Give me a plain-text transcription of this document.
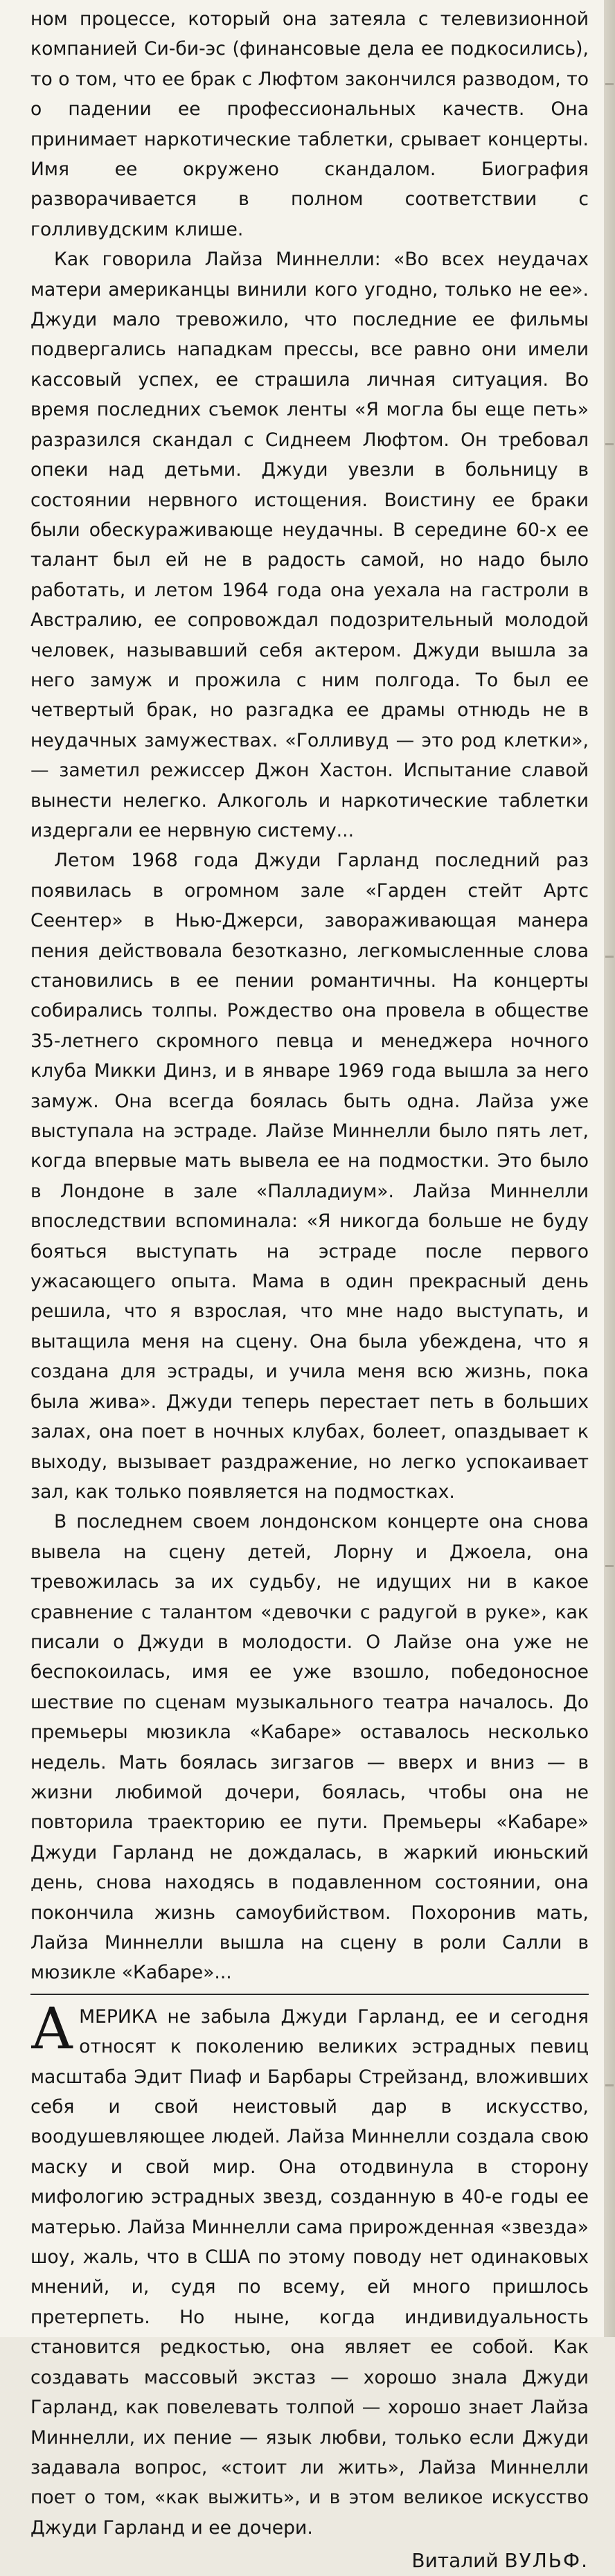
ном процессе, который она затеяла с телевизионной компанией Си-би-эс (финансовые дела ее подкосились), то о том, что ее брак с Люфтом закончился разводом, то о падении ее профессиональных качеств. Она принимает наркотические таблетки, срывает концерты. Имя ее окружено скандалом. Биография разворачивается в полном соответствии с голливудским клише.

Как говорила Лайза Миннелли: «Во всех неудачах матери американцы винили кого угодно, только не ее». Джуди мало тревожило, что последние ее фильмы подвергались нападкам прессы, все равно они имели кассовый успех, ее страшила личная ситуация. Во время последних съемок ленты «Я могла бы еще петь» разразился скандал с Сиднеем Люфтом. Он требовал опеки над детьми. Джуди увезли в больницу в состоянии нервного истощения. Воистину ее браки были обескураживающе неудачны. В середине 60-х ее талант был ей не в радость самой, но надо было работать, и летом 1964 года она уехала на гастроли в Австралию, ее сопровождал подозрительный молодой человек, называвший себя актером. Джуди вышла за него замуж и прожила с ним полгода. То был ее четвертый брак, но разгадка ее драмы отнюдь не в неудачных замужествах. «Голливуд — это род клетки», — заметил режиссер Джон Хастон. Испытание славой вынести нелегко. Алкоголь и наркотические таблетки издергали ее нервную систему...

Летом 1968 года Джуди Гарланд последний раз появилась в огромном зале «Гарден стейт Артс Сеентер» в Нью-Джерси, завораживающая манера пения действовала безотказно, легкомысленные слова становились в ее пении романтичны. На концерты собирались толпы. Рождество она провела в обществе 35-летнего скромного певца и менеджера ночного клуба Микки Динз, и в январе 1969 года вышла за него замуж. Она всегда боялась быть одна. Лайза уже выступала на эстраде. Лайзе Миннелли было пять лет, когда впервые мать вывела ее на подмостки. Это было в Лондоне в зале «Палладиум». Лайза Миннелли впоследствии вспоминала: «Я никогда больше не буду бояться выступать на эстраде после первого ужасающего опыта. Мама в один прекрасный день решила, что я взрослая, что мне надо выступать, и вытащила меня на сцену. Она была убеждена, что я создана для эстрады, и учила меня всю жизнь, пока была жива». Джуди теперь перестает петь в больших залах, она поет в ночных клубах, болеет, опаздывает к выходу, вызывает раздражение, но легко успокаивает зал, как только появляется на подмостках.

В последнем своем лондонском концерте она снова вывела на сцену детей, Лорну и Джоела, она тревожилась за их судьбу, не идущих ни в какое сравнение с талантом «девочки с радугой в руке», как писали о Джуди в молодости. О Лайзе она уже не беспокоилась, имя ее уже взошло, победоносное шествие по сценам музыкального театра началось. До премьеры мюзикла «Кабаре» оставалось несколько недель. Мать боялась зигзагов — вверх и вниз — в жизни любимой дочери, боялась, чтобы она не повторила траекторию ее пути. Премьеры «Кабаре» Джуди Гарланд не дождалась, в жаркий июньский день, снова находясь в подавленном состоянии, она покончила жизнь самоубийством. Похоронив мать, Лайза Миннелли вышла на сцену в роли Салли в мюзикле «Кабаре»...

АМЕРИКА не забыла Джуди Гарланд, ее и сегодня относят к поколению великих эстрадных певиц масштаба Эдит Пиаф и Барбары Стрейзанд, вложивших себя и свой неистовый дар в искусство, воодушевляющее людей. Лайза Миннелли создала свою маску и свой мир. Она отодвинула в сторону мифологию эстрадных звезд, созданную в 40-е годы ее матерью. Лайза Миннелли сама прирожденная «звезда» шоу, жаль, что в США по этому поводу нет одинаковых мнений, и, судя по всему, ей много пришлось претерпеть. Но ныне, когда индивидуальность становится редкостью, она являет ее собой. Как создавать массовый экстаз — хорошо знала Джуди Гарланд, как повелевать толпой — хорошо знает Лайза Миннелли, их пение — язык любви, только если Джуди задавала вопрос, «стоит ли жить», Лайза Миннелли поет о том, «как выжить», и в этом великое искусство Джуди Гарланд и ее дочери.

Виталий ВУЛЬФ.
